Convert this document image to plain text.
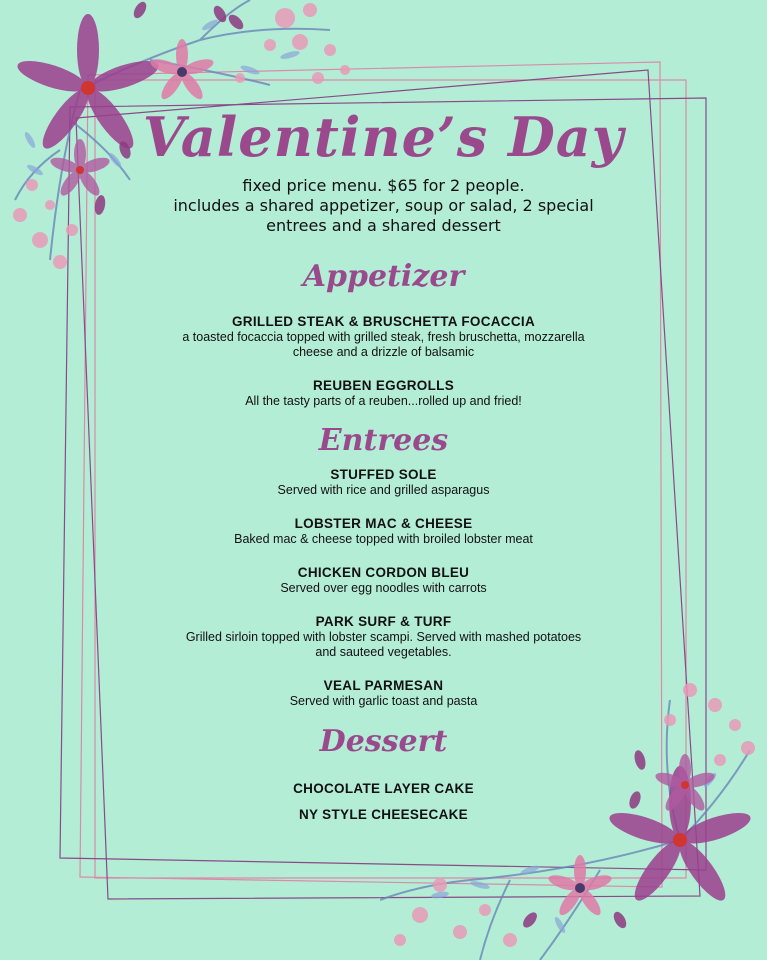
Valentine’s Day
fixed price menu. $65 for 2 people.
includes a shared appetizer, soup or salad, 2 special
entrees and a shared dessert
Appetizer
GRILLED STEAK & BRUSCHETTA FOCACCIA
a toasted focaccia topped with grilled steak, fresh bruschetta, mozzarella
cheese and a drizzle of balsamic
REUBEN EGGROLLS
All the tasty parts of a reuben...rolled up and fried!
Entrees
STUFFED SOLE
Served with rice and grilled asparagus
LOBSTER MAC & CHEESE
Baked mac & cheese topped with broiled lobster meat
CHICKEN CORDON BLEU
Served over egg noodles with carrots
PARK SURF & TURF
Grilled sirloin topped with lobster scampi. Served with mashed potatoes
and sauteed vegetables.
VEAL PARMESAN
Served with garlic toast and pasta
Dessert
CHOCOLATE LAYER CAKE
NY STYLE CHEESECAKE
